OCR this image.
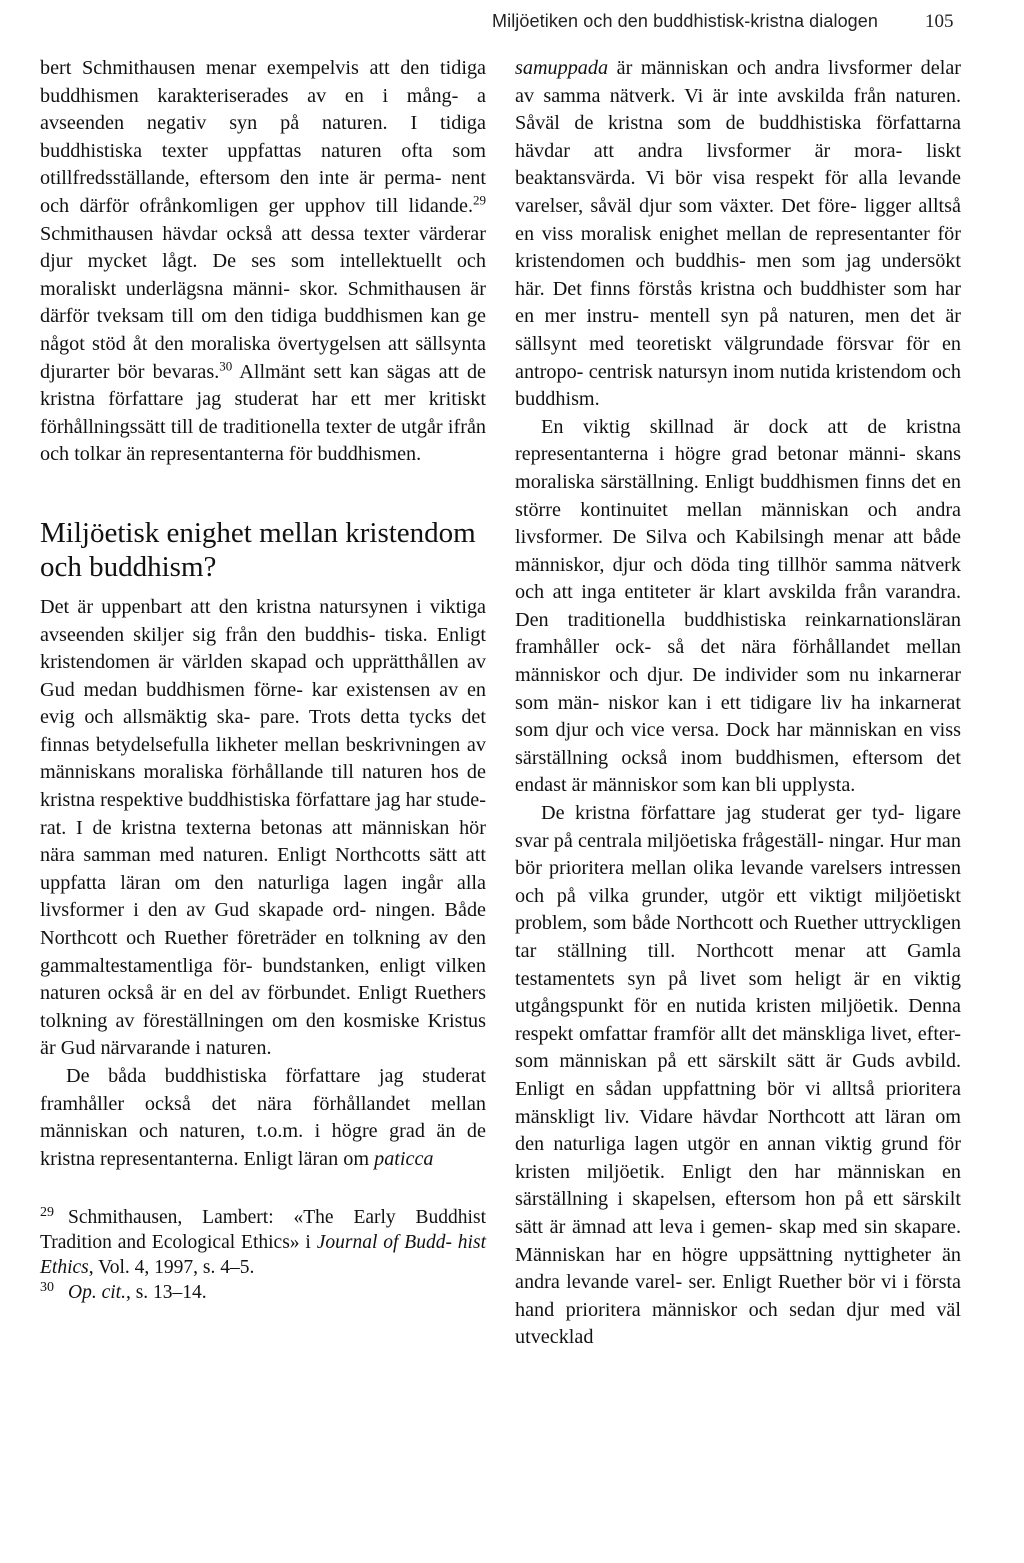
Miljöetiken och den buddhistisk-kristna dialogen 105

bert Schmithausen menar exempelvis att den tidiga buddhismen karakteriserades av en i mång- a avseenden negativ syn på naturen. I tidiga buddhistiska texter uppfattas naturen ofta som otillfredsställande, eftersom den inte är perma- nent och därför ofrånkomligen ger upphov till lidande.$^{29}$ Schmithausen hävdar också att dessa texter värderar djur mycket lågt. De ses som intellektuellt och moraliskt underlägsna männi- skor. Schmithausen är därför tveksam till om den tidiga buddhismen kan ge något stöd åt den moraliska övertygelsen att sällsynta djurarter bör bevaras.$^{30}$ Allmänt sett kan sägas att de kristna författare jag studerat har ett mer kritiskt förhållningssätt till de traditionella texter de utgår ifrån och tolkar än representanterna för buddhismen.

Miljöetisk enighet mellan kristendom och buddhism?

Det är uppenbart att den kristna natursynen i viktiga avseenden skiljer sig från den buddhis- tiska. Enligt kristendomen är världen skapad och upprätthållen av Gud medan buddhismen förne- kar existensen av en evig och allsmäktig ska- pare. Trots detta tycks det finnas betydelsefulla likheter mellan beskrivningen av människans moraliska förhållande till naturen hos de kristna respektive buddhistiska författare jag har stude- rat. I de kristna texterna betonas att människan hör nära samman med naturen. Enligt Northcotts sätt att uppfatta läran om den naturliga lagen ingår alla livsformer i den av Gud skapade ord- ningen. Både Northcott och Ruether företräder en tolkning av den gammaltestamentliga för- bundstanken, enligt vilken naturen också är en del av förbundet. Enligt Ruethers tolkning av föreställningen om den kosmiske Kristus är Gud närvarande i naturen.

De båda buddhistiska författare jag studerat framhåller också det nära förhållandet mellan människan och naturen, t.o.m. i högre grad än de kristna representanterna. Enligt läran om paticca

$^{29}$ Schmithausen, Lambert: «The Early Buddhist Tradition and Ecological Ethics» i Journal of Budd- hist Ethics, Vol. 4, 1997, s. 4–5.

$^{30}$ Op. cit., s. 13–14.

samuppada är människan och andra livsformer delar av samma nätverk. Vi är inte avskilda från naturen. Såväl de kristna som de buddhistiska författarna hävdar att andra livsformer är mora- liskt beaktansvärda. Vi bör visa respekt för alla levande varelser, såväl djur som växter. Det före- ligger alltså en viss moralisk enighet mellan de representanter för kristendomen och buddhis- men som jag undersökt här. Det finns förstås kristna och buddhister som har en mer instru- mentell syn på naturen, men det är sällsynt med teoretiskt välgrundade försvar för en antropo- centrisk natursyn inom nutida kristendom och buddhism.

En viktig skillnad är dock att de kristna representanterna i högre grad betonar männi- skans moraliska särställning. Enligt buddhismen finns det en större kontinuitet mellan människan och andra livsformer. De Silva och Kabilsingh menar att både människor, djur och döda ting tillhör samma nätverk och att inga entiteter är klart avskilda från varandra. Den traditionella buddhistiska reinkarnationsläran framhåller ock- så det nära förhållandet mellan människor och djur. De individer som nu inkarnerar som män- niskor kan i ett tidigare liv ha inkarnerat som djur och vice versa. Dock har människan en viss särställning också inom buddhismen, eftersom det endast är människor som kan bli upplysta.

De kristna författare jag studerat ger tyd- ligare svar på centrala miljöetiska frågeställ- ningar. Hur man bör prioritera mellan olika levande varelsers intressen och på vilka grunder, utgör ett viktigt miljöetiskt problem, som både Northcott och Ruether uttryckligen tar ställning till. Northcott menar att Gamla testamentets syn på livet som heligt är en viktig utgångspunkt för en nutida kristen miljöetik. Denna respekt omfattar framför allt det mänskliga livet, efter- som människan på ett särskilt sätt är Guds avbild. Enligt en sådan uppfattning bör vi alltså prioritera mänskligt liv. Vidare hävdar Northcott att läran om den naturliga lagen utgör en annan viktig grund för kristen miljöetik. Enligt den har människan en särställning i skapelsen, eftersom hon på ett särskilt sätt är ämnad att leva i gemen- skap med sin skapare. Människan har en högre uppsättning nyttigheter än andra levande varel- ser. Enligt Ruether bör vi i första hand prioritera människor och sedan djur med väl utvecklad
